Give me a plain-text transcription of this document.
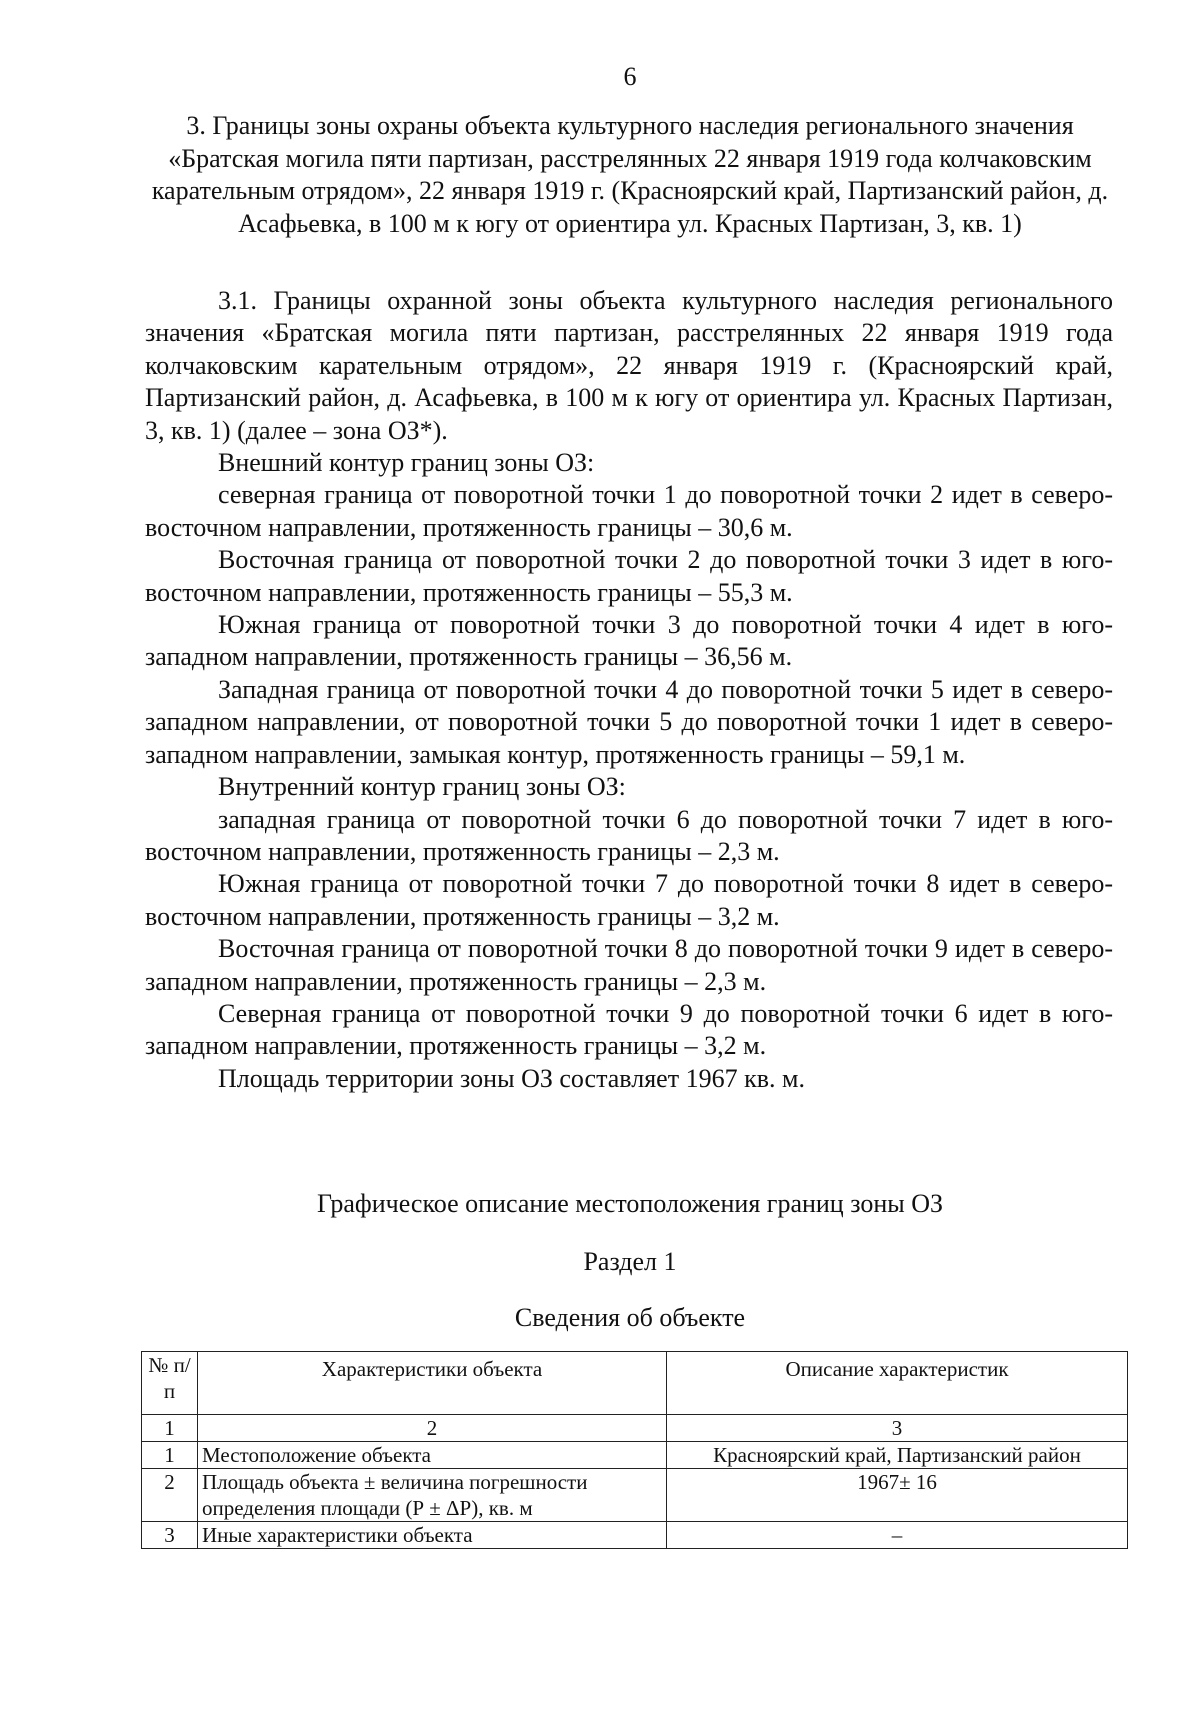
6
3. Границы зоны охраны объекта культурного наследия регионального значения «Братская могила пяти партизан, расстрелянных 22 января 1919 года колчаковским карательным отрядом», 22 января 1919 г. (Красноярский край, Партизанский район, д. Асафьевка, в 100 м к югу от ориентира ул. Красных Партизан, 3, кв. 1)

3.1. Границы охранной зоны объекта культурного наследия регионального значения «Братская могила пяти партизан, расстрелянных 22 января 1919 года колчаковским карательным отрядом», 22 января 1919 г. (Красноярский край, Партизанский район, д. Асафьевка, в 100 м к югу от ориентира ул. Красных Партизан, 3, кв. 1) (далее – зона ОЗ*).

Внешний контур границ зоны ОЗ:

северная граница от поворотной точки 1 до поворотной точки 2 идет в северо-восточном направлении, протяженность границы – 30,6 м.

Восточная граница от поворотной точки 2 до поворотной точки 3 идет в юго-восточном направлении, протяженность границы – 55,3 м.

Южная граница от поворотной точки 3 до поворотной точки 4 идет в юго-западном направлении, протяженность границы – 36,56 м.

Западная граница от поворотной точки 4 до поворотной точки 5 идет в северо-западном направлении, от поворотной точки 5 до поворотной точки 1 идет в северо-западном направлении, замыкая контур, протяженность границы – 59,1 м.

Внутренний контур границ зоны ОЗ:

западная граница от поворотной точки 6 до поворотной точки 7 идет в юго-восточном направлении, протяженность границы – 2,3 м.

Южная граница от поворотной точки 7 до поворотной точки 8 идет в северо-восточном направлении, протяженность границы – 3,2 м.

Восточная граница от поворотной точки 8 до поворотной точки 9 идет в северо-западном направлении, протяженность границы – 2,3 м.

Северная граница от поворотной точки 9 до поворотной точки 6 идет в юго-западном направлении, протяженность границы – 3,2 м.

Площадь территории зоны ОЗ составляет 1967 кв. м.

Графическое описание местоположения границ зоны ОЗ
Раздел 1
Сведения об объекте
№ п/п	Характеристики объекта	Описание характеристик
1	2	3
1	Местоположение объекта	Красноярский край, Партизанский район
2	Площадь объекта ± величина погрешности определения площади (Р ± ΔР), кв. м	1967± 16
3	Иные характеристики объекта	–
